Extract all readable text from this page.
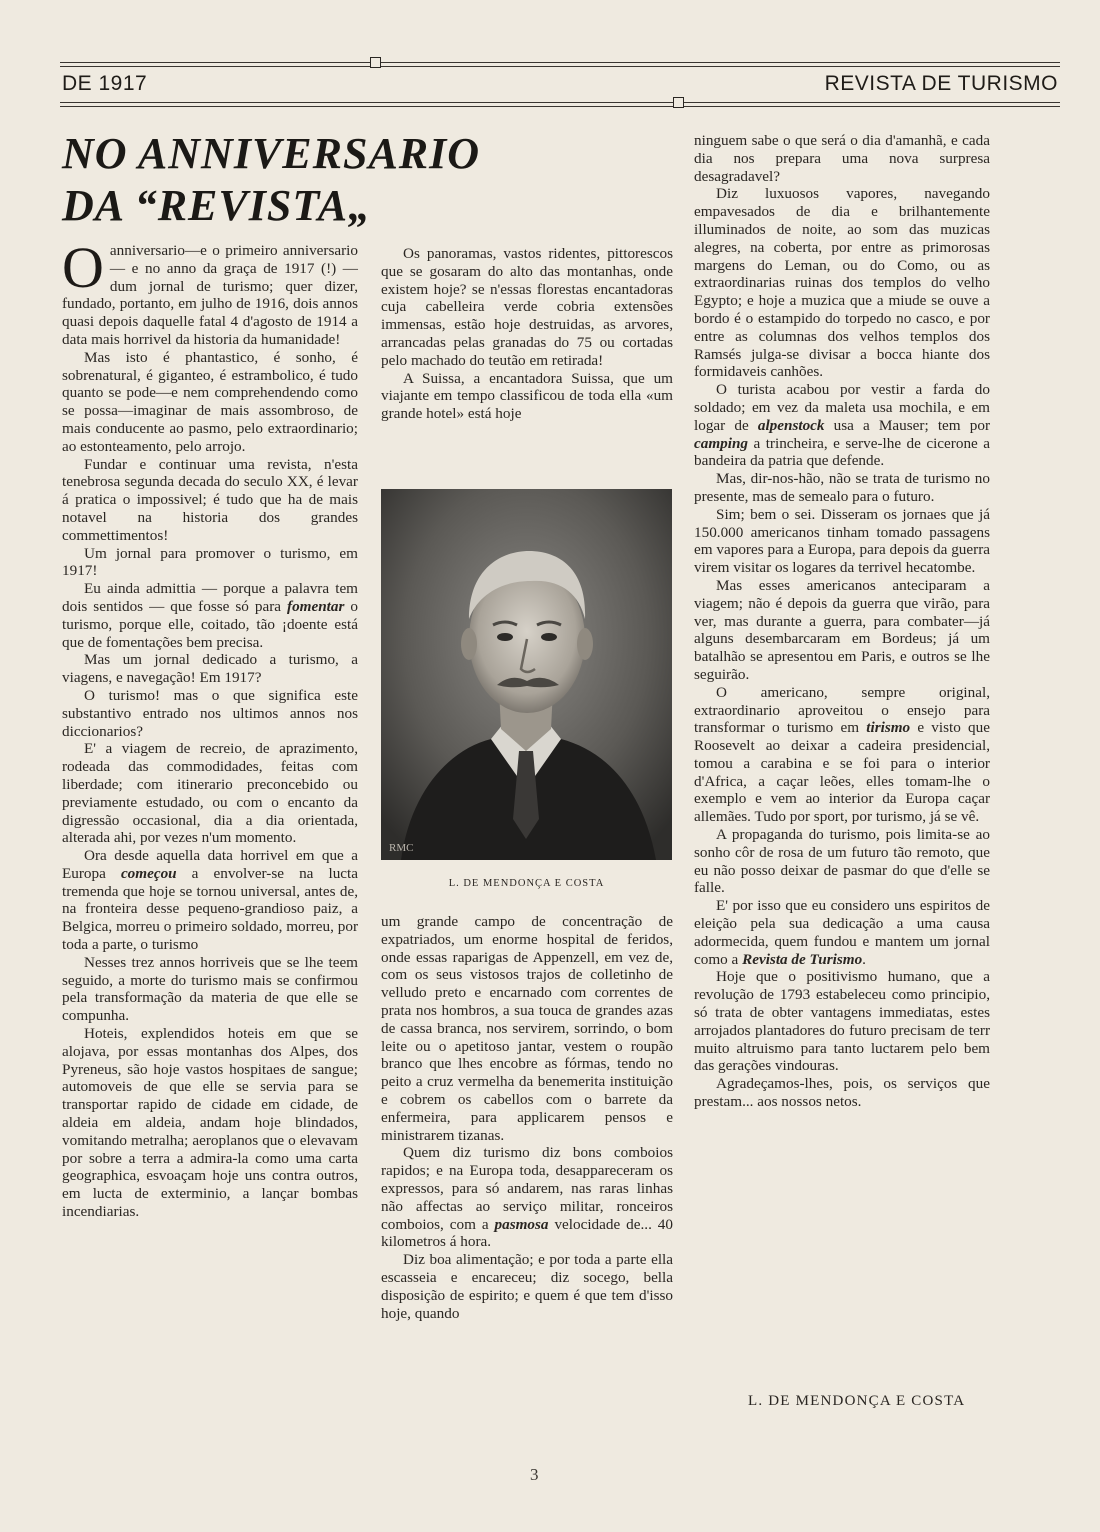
DE 1917	REVISTA DE TURISMO
NO ANNIVERSARIO
DA “REVISTA„
O anniversario—e o primeiro anniversario — e no anno da graça de 1917 (!) — dum jornal de turismo; quer dizer, fundado, portanto, em julho de 1916, dois annos quasi depois daquelle fatal 4 d'agosto de 1914 a data mais horrivel da historia da humanidade!

Mas isto é phantastico, é sonho, é sobrenatural, é giganteo, é estrambolico, é tudo quanto se pode—e nem comprehendendo como se possa—imaginar de mais assombroso, de mais conducente ao pasmo, pelo extraordinario; ao estonteamento, pelo arrojo.

Fundar e continuar uma revista, n'esta tenebrosa segunda decada do seculo XX, é levar á pratica o impossivel; é tudo que ha de mais notavel na historia dos grandes commettimentos!

Um jornal para promover o turismo, em 1917!

Eu ainda admittia — porque a palavra tem dois sentidos — que fosse só para fomentar o turismo, porque elle, coitado, tão ¡doente está que de fomentações bem precisa.

Mas um jornal dedicado a turismo, a viagens, e navegação! Em 1917?

O turismo! mas o que significa este substantivo entrado nos ultimos annos nos diccionarios?

E' a viagem de recreio, de aprazimento, rodeada das commodidades, feitas com liberdade; com itinerario preconcebido ou previamente estudado, ou com o encanto da digressão occasional, dia a dia orientada, alterada ahi, por vezes n'um momento.

Ora desde aquella data horrivel em que a Europa começou a envolver-se na lucta tremenda que hoje se tornou universal, antes de, na fronteira desse pequeno-grandioso paiz, a Belgica, morreu o primeiro soldado, morreu, por toda a parte, o turismo

Nesses trez annos horriveis que se lhe teem seguido, a morte do turismo mais se confirmou pela transformação da materia de que elle se compunha.

Hoteis, explendidos hoteis em que se alojava, por essas montanhas dos Alpes, dos Pyreneus, são hoje vastos hospitaes de sangue; automoveis de que elle se servia para se transportar rapido de cidade em cidade, de aldeia em aldeia, andam hoje blindados, vomitando metralha; aeroplanos que o elevavam por sobre a terra a admira-la como uma carta geographica, esvoaçam hoje uns contra outros, em lucta de exterminio, a lançar bombas incendiarias.

Os panoramas, vastos ridentes, pittorescos que se gosaram do alto das montanhas, onde existem hoje? se n'essas florestas encantadoras cuja cabelleira verde cobria extensões immensas, estão hoje destruidas, as arvores, arrancadas pelas granadas do 75 ou cortadas pelo machado do teutão em retirada!

A Suissa, a encantadora Suissa, que um viajante em tempo classificou de toda ella «um grande hotel» está hoje

RMC
L. DE MENDONÇA E COSTA

um grande campo de concentração de expatriados, um enorme hospital de feridos, onde essas raparigas de Appenzell, em vez de, com os seus vistosos trajos de colletinho de velludo preto e encarnado com correntes de prata nos hombros, a sua touca de grandes azas de cassa branca, nos servirem, sorrindo, o bom leite ou o apetitoso jantar, vestem o roupão branco que lhes encobre as fórmas, tendo no peito a cruz vermelha da benemerita instituição e cobrem os cabellos com o barrete da enfermeira, para applicarem pensos e ministrarem tizanas.

Quem diz turismo diz bons comboios rapidos; e na Europa toda, desappareceram os expressos, para só andarem, nas raras linhas não affectas ao serviço militar, ronceiros comboios, com a pasmosa velocidade de... 40 kilometros á hora.

Diz boa alimentação; e por toda a parte ella escasseia e encareceu; diz socego, bella disposição de espirito; e quem é que tem d'isso hoje, quando

ninguem sabe o que será o dia d'amanhã, e cada dia nos prepara uma nova surpresa desagradavel?

Diz luxuosos vapores, navegando empavesados de dia e brilhantemente illuminados de noite, ao som das muzicas alegres, na coberta, por entre as primorosas margens do Leman, ou do Como, ou as extraordinarias ruinas dos templos do velho Egypto; e hoje a muzica que a miude se ouve a bordo é o estampido do torpedo no casco, e por entre as columnas dos velhos templos dos Ramsés julga-se divisar a bocca hiante dos formidaveis canhões.

O turista acabou por vestir a farda do soldado; em vez da maleta usa mochila, e em logar de alpenstock usa a Mauser; tem por camping a trincheira, e serve-lhe de cicerone a bandeira da patria que defende.

Mas, dir-nos-hão, não se trata de turismo no presente, mas de semealo para o futuro.

Sim; bem o sei. Disseram os jornaes que já 150.000 americanos tinham tomado passagens em vapores para a Europa, para depois da guerra virem visitar os logares da terrivel hecatombe.

Mas esses americanos anteciparam a viagem; não é depois da guerra que virão, para ver, mas durante a guerra, para combater—já alguns desembarcaram em Bordeus; já um batalhão se apresentou em Paris, e outros se lhe seguirão.

O americano, sempre original, extraordinario aproveitou o ensejo para transformar o turismo em tirismo e visto que Roosevelt ao deixar a cadeira presidencial, tomou a carabina e se foi para o interior d'Africa, a caçar leões, elles tomam-lhe o exemplo e vem ao interior da Europa caçar allemães. Tudo por sport, por turismo, já se vê.

A propaganda do turismo, pois limita-se ao sonho côr de rosa de um futuro tão remoto, que eu não posso deixar de pasmar do que d'elle se falle.

E' por isso que eu considero uns espiritos de eleição pela sua dedicação a uma causa adormecida, quem fundou e mantem um jornal como a Revista de Turismo.

Hoje que o positivismo humano, que a revolução de 1793 estabeleceu como principio, só trata de obter vantagens immediatas, estes arrojados plantadores do futuro precisam de terr muito altruismo para tanto luctarem pelo bem das gerações vindouras.

Agradeçamos-lhes, pois, os serviços que prestam... aos nossos netos.

L. DE MENDONÇA E COSTA
3
